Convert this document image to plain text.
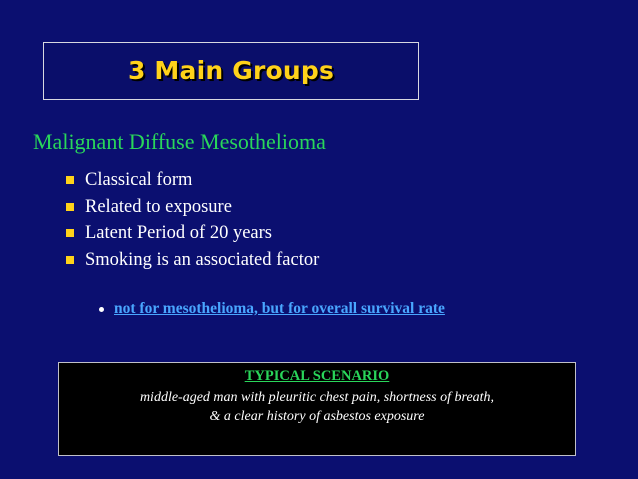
3 Main Groups
Malignant Diffuse Mesothelioma
Classical form
Related to exposure
Latent Period of 20 years
Smoking is an associated factor
not for mesothelioma, but for overall survival rate
TYPICAL SCENARIO
middle-aged man with pleuritic chest pain, shortness of breath,
& a clear history of asbestos exposure
